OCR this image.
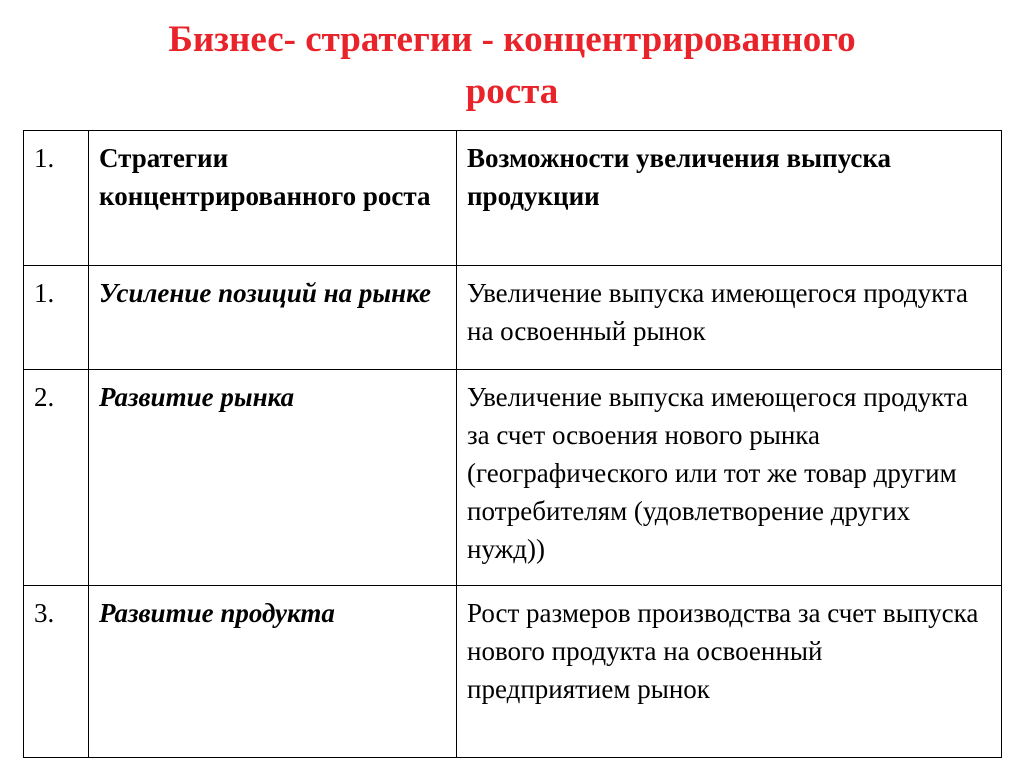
Бизнес- стратегии - концентрированного
роста
1.	Стратегии концентрированного роста	Возможности увеличения выпуска продукции
1.	Усиление позиций на рынке	Увеличение выпуска имеющегося продукта на освоенный рынок
2.	Развитие рынка	Увеличение выпуска имеющегося продукта за счет освоения нового рынка (географического или тот же товар другим потребителям (удовлетворение других нужд))
3.	Развитие продукта	Рост размеров производства за счет выпуска нового продукта на освоенный предприятием рынок
